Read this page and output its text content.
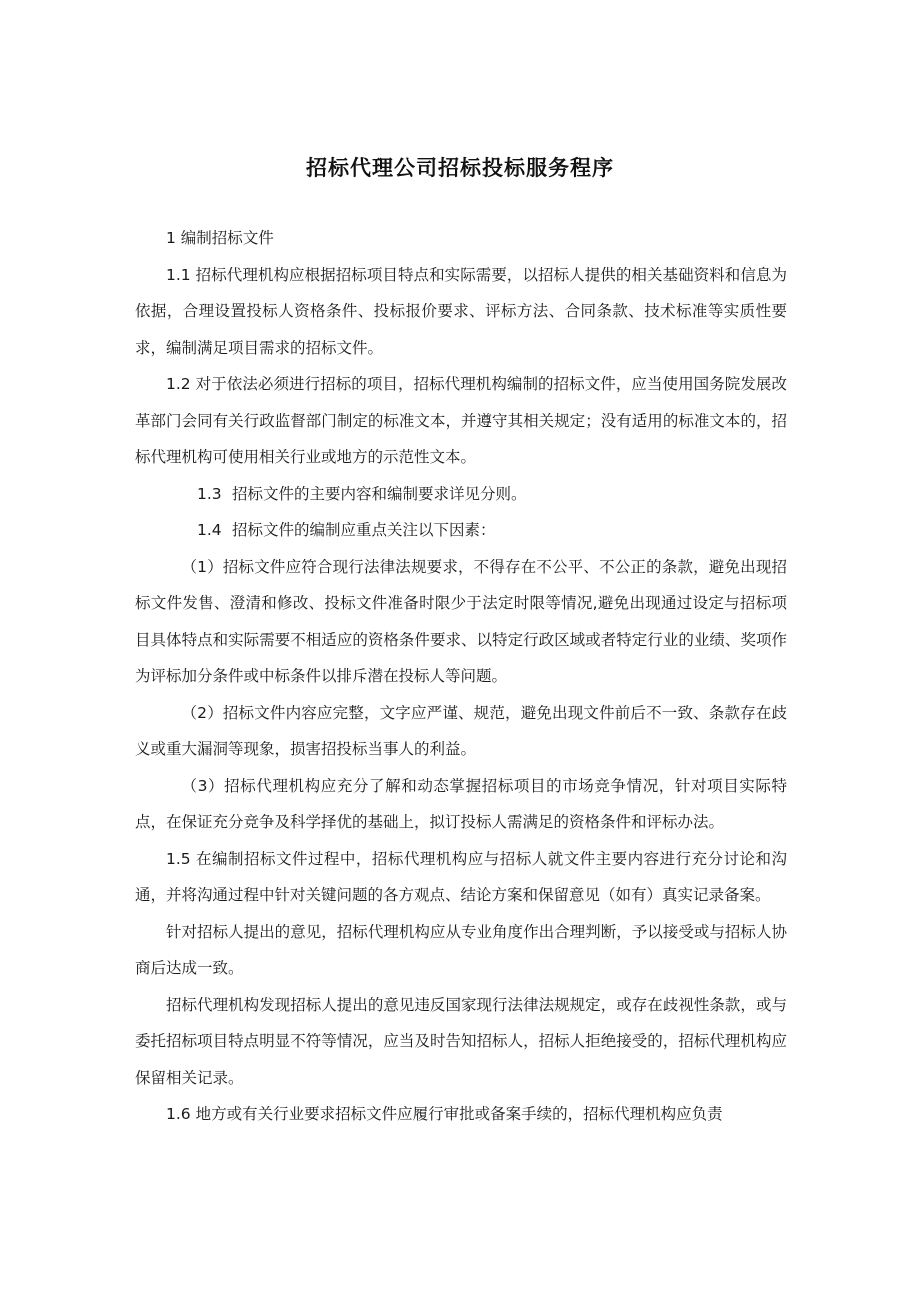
招标代理公司招标投标服务程序

1 编制招标文件

1.1 招标代理机构应根据招标项目特点和实际需要，以招标人提供的相关基础资料和信息为依据，合理设置投标人资格条件、投标报价要求、评标方法、合同条款、技术标准等实质性要求，编制满足项目需求的招标文件。

1.2 对于依法必须进行招标的项目，招标代理机构编制的招标文件，应当使用国务院发展改革部门会同有关行政监督部门制定的标准文本，并遵守其相关规定；没有适用的标准文本的，招标代理机构可使用相关行业或地方的示范性文本。

1.3 招标文件的主要内容和编制要求详见分则。

1.4 招标文件的编制应重点关注以下因素：

（1）招标文件应符合现行法律法规要求，不得存在不公平、不公正的条款，避免出现招标文件发售、澄清和修改、投标文件准备时限少于法定时限等情况,避免出现通过设定与招标项目具体特点和实际需要不相适应的资格条件要求、以特定行政区域或者特定行业的业绩、奖项作为评标加分条件或中标条件以排斥潜在投标人等问题。

（2）招标文件内容应完整，文字应严谨、规范，避免出现文件前后不一致、条款存在歧义或重大漏洞等现象，损害招投标当事人的利益。

（3）招标代理机构应充分了解和动态掌握招标项目的市场竞争情况，针对项目实际特点，在保证充分竞争及科学择优的基础上，拟订投标人需满足的资格条件和评标办法。

1.5 在编制招标文件过程中，招标代理机构应与招标人就文件主要内容进行充分讨论和沟通，并将沟通过程中针对关键问题的各方观点、结论方案和保留意见（如有）真实记录备案。

针对招标人提出的意见，招标代理机构应从专业角度作出合理判断，予以接受或与招标人协商后达成一致。

招标代理机构发现招标人提出的意见违反国家现行法律法规规定，或存在歧视性条款，或与委托招标项目特点明显不符等情况，应当及时告知招标人，招标人拒绝接受的，招标代理机构应保留相关记录。

1.6 地方或有关行业要求招标文件应履行审批或备案手续的，招标代理机构应负责
